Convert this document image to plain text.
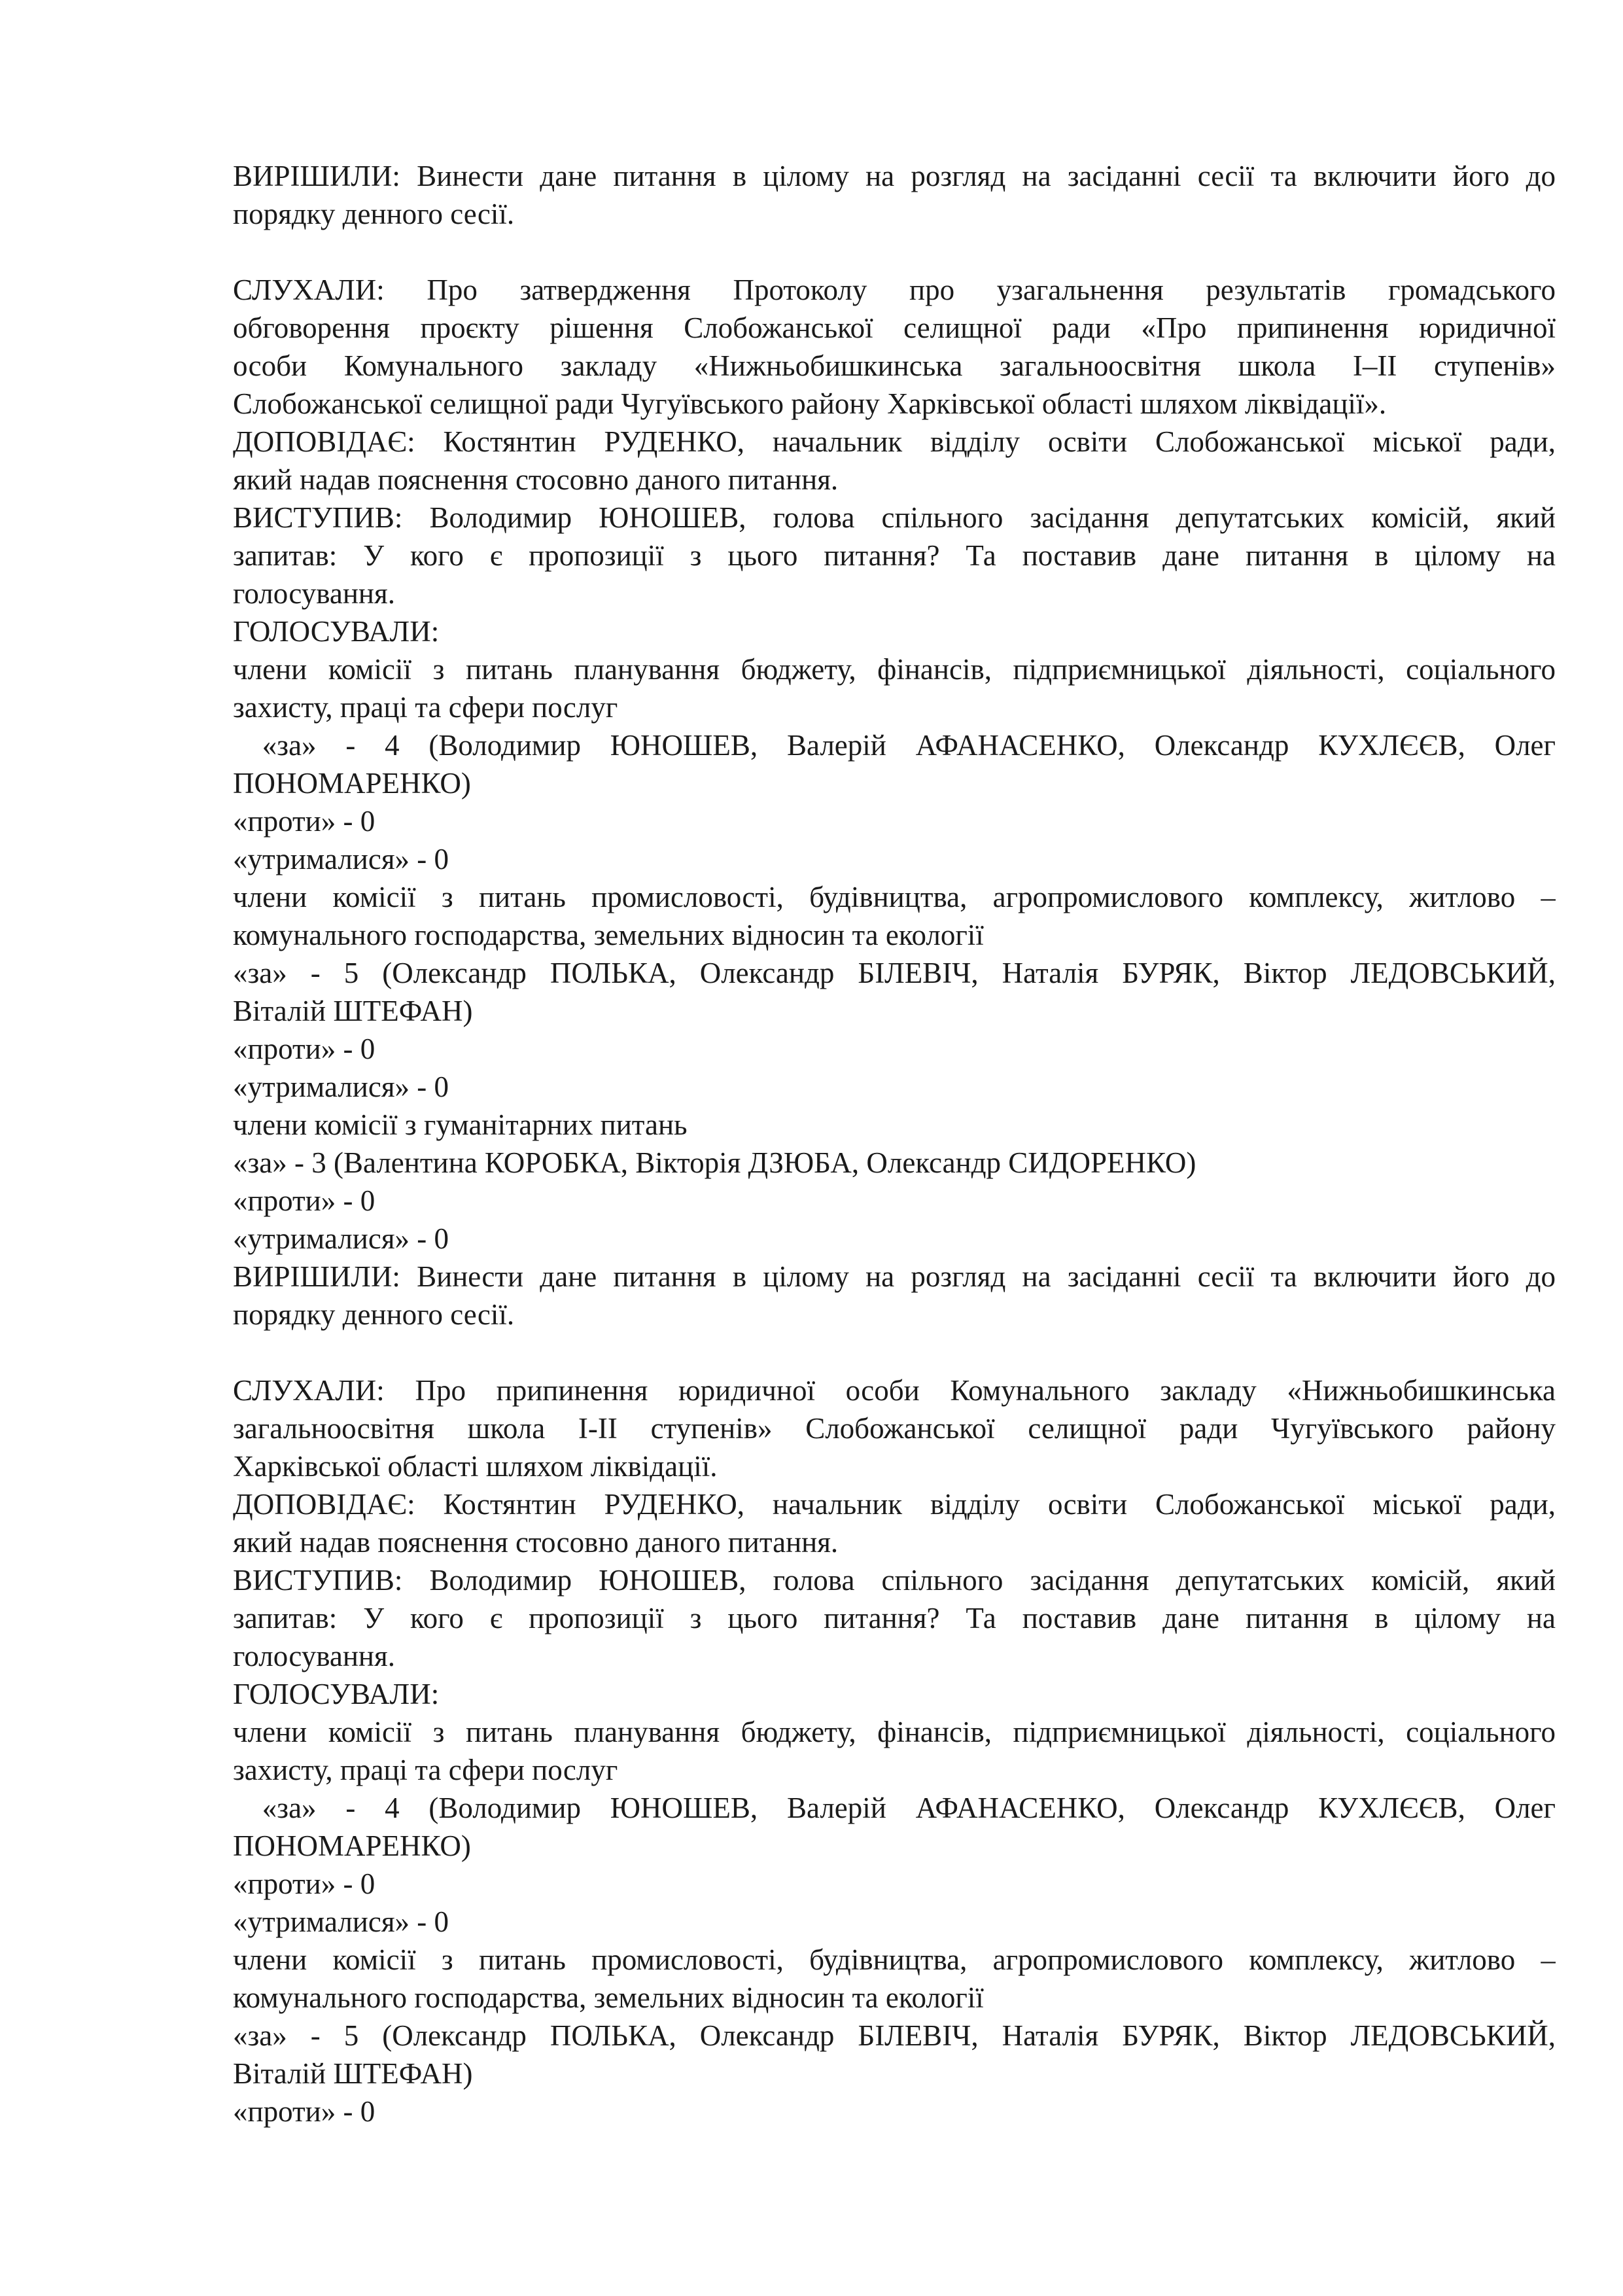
ВИРІШИЛИ: Винести дане питання в цілому на розгляд на засіданні сесії та включити його до
порядку денного сесії.
СЛУХАЛИ: Про затвердження Протоколу про узагальнення результатів громадського
обговорення проєкту рішення Слобожанської селищної ради «Про припинення юридичної
особи Комунального закладу «Нижньобишкинська загальноосвітня школа І–ІІ ступенів»
Слобожанської селищної ради Чугуївського району Харківської області шляхом ліквідації».
ДОПОВІДАЄ: Костянтин РУДЕНКО, начальник відділу освіти Слобожанської міської ради,
який надав пояснення стосовно даного питання.
ВИСТУПИВ: Володимир ЮНОШЕВ, голова спільного засідання депутатських комісій, який
запитав: У кого є пропозиції з цього питання? Та поставив дане питання в цілому на
голосування.
ГОЛОСУВАЛИ:
члени комісії з питань планування бюджету, фінансів, підприємницької діяльності, соціального
захисту, праці та сфери послуг
«за» - 4 (Володимир ЮНОШЕВ, Валерій АФАНАСЕНКО, Олександр КУХЛЄЄВ, Олег
ПОНОМАРЕНКО)
«проти» - 0
«утрималися» - 0
члени комісії з питань промисловості, будівництва, агропромислового комплексу, житлово –
комунального господарства, земельних відносин та екології
«за» - 5 (Олександр ПОЛЬКА, Олександр БІЛЕВІЧ, Наталія БУРЯК, Віктор ЛЕДОВСЬКИЙ,
Віталій ШТЕФАН)
«проти» - 0
«утрималися» - 0
члени комісії з гуманітарних питань
«за» - 3 (Валентина КОРОБКА, Вікторія ДЗЮБА, Олександр СИДОРЕНКО)
«проти» - 0
«утрималися» - 0
ВИРІШИЛИ: Винести дане питання в цілому на розгляд на засіданні сесії та включити його до
порядку денного сесії.
СЛУХАЛИ: Про припинення юридичної особи Комунального закладу «Нижньобишкинська
загальноосвітня школа І-ІІ ступенів» Слобожанської селищної ради Чугуївського району
Харківської області шляхом ліквідації.
ДОПОВІДАЄ: Костянтин РУДЕНКО, начальник відділу освіти Слобожанської міської ради,
який надав пояснення стосовно даного питання.
ВИСТУПИВ: Володимир ЮНОШЕВ, голова спільного засідання депутатських комісій, який
запитав: У кого є пропозиції з цього питання? Та поставив дане питання в цілому на
голосування.
ГОЛОСУВАЛИ:
члени комісії з питань планування бюджету, фінансів, підприємницької діяльності, соціального
захисту, праці та сфери послуг
«за» - 4 (Володимир ЮНОШЕВ, Валерій АФАНАСЕНКО, Олександр КУХЛЄЄВ, Олег
ПОНОМАРЕНКО)
«проти» - 0
«утрималися» - 0
члени комісії з питань промисловості, будівництва, агропромислового комплексу, житлово –
комунального господарства, земельних відносин та екології
«за» - 5 (Олександр ПОЛЬКА, Олександр БІЛЕВІЧ, Наталія БУРЯК, Віктор ЛЕДОВСЬКИЙ,
Віталій ШТЕФАН)
«проти» - 0
